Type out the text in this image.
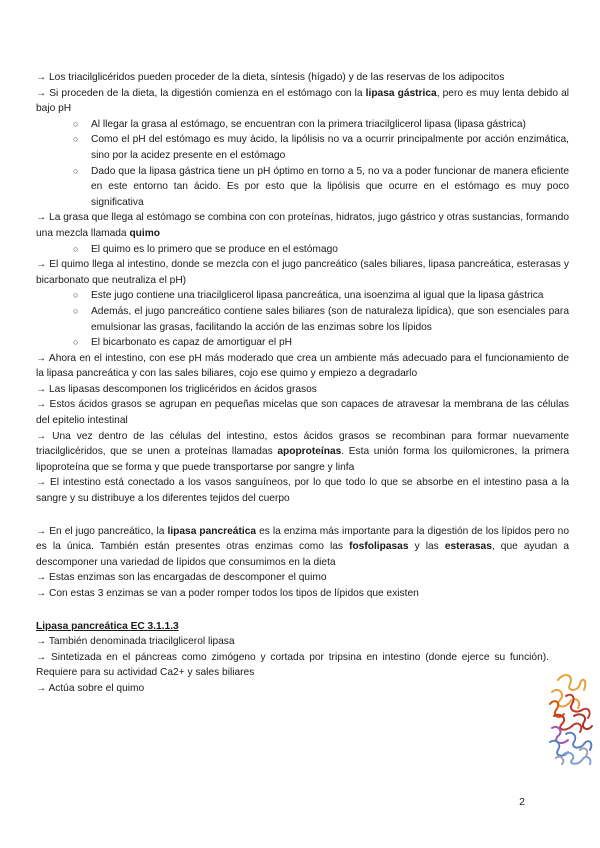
→ Los triacilglicéridos pueden proceder de la dieta, síntesis (hígado) y de las reservas de los adipocitos

→ Si proceden de la dieta, la digestión comienza en el estómago con la lipasa gástrica, pero es muy lenta debido al bajo pH

○ Al llegar la grasa al estómago, se encuentran con la primera triacilglicerol lipasa (lipasa gástrica)
○ Como el pH del estómago es muy ácido, la lipólisis no va a ocurrir principalmente por acción enzimática, sino por la acidez presente en el estómago
○ Dado que la lipasa gástrica tiene un pH óptimo en torno a 5, no va a poder funcionar de manera eficiente en este entorno tan ácido. Es por esto que la lipólisis que ocurre en el estómago es muy poco significativa

→ La grasa que llega al estómago se combina con con proteínas, hidratos, jugo gástrico y otras sustancias, formando una mezcla llamada quimo

○ El quimo es lo primero que se produce en el estómago

→ El quimo llega al intestino, donde se mezcla con el jugo pancreático (sales biliares, lipasa pancreática, esterasas y bicarbonato que neutraliza el pH)

○ Este jugo contiene una triacilglicerol lipasa pancreática, una isoenzima al igual que la lipasa gástrica
○ Además, el jugo pancreático contiene sales biliares (son de naturaleza lipídica), que son esenciales para emulsionar las grasas, facilitando la acción de las enzimas sobre los lípidos
○ El bicarbonato es capaz de amortiguar el pH

→ Ahora en el intestino, con ese pH más moderado que crea un ambiente más adecuado para el funcionamiento de la lipasa pancreática y con las sales biliares, cojo ese quimo y empiezo a degradarlo

→ Las lipasas descomponen los triglicéridos en ácidos grasos

→ Estos ácidos grasos se agrupan en pequeñas micelas que son capaces de atravesar la membrana de las células del epitelio intestinal

→ Una vez dentro de las células del intestino, estos ácidos grasos se recombinan para formar nuevamente triacilglicéridos, que se unen a proteínas llamadas apoproteínas. Esta unión forma los quilomicrones, la primera lipoproteína que se forma y que puede transportarse por sangre y linfa

→ El intestino está conectado a los vasos sanguíneos, por lo que todo lo que se absorbe en el intestino pasa a la sangre y su distribuye a los diferentes tejidos del cuerpo

→ En el jugo pancreático, la lipasa pancreática es la enzima más importante para la digestión de los lípidos pero no es la única. También están presentes otras enzimas como las fosfolipasas y las esterasas, que ayudan a descomponer una variedad de lípidos que consumimos en la dieta

→ Estas enzimas son las encargadas de descomponer el quimo

→ Con estas 3 enzimas se van a poder romper todos los tipos de lípidos que existen

Lipasa pancreática EC 3.1.1.3

→ También denominada triacilglicerol lipasa

→ Sintetizada en el páncreas como zimógeno y cortada por tripsina en intestino (donde ejerce su función). Requiere para su actividad Ca2+ y sales biliares

→ Actúa sobre el quimo

2
